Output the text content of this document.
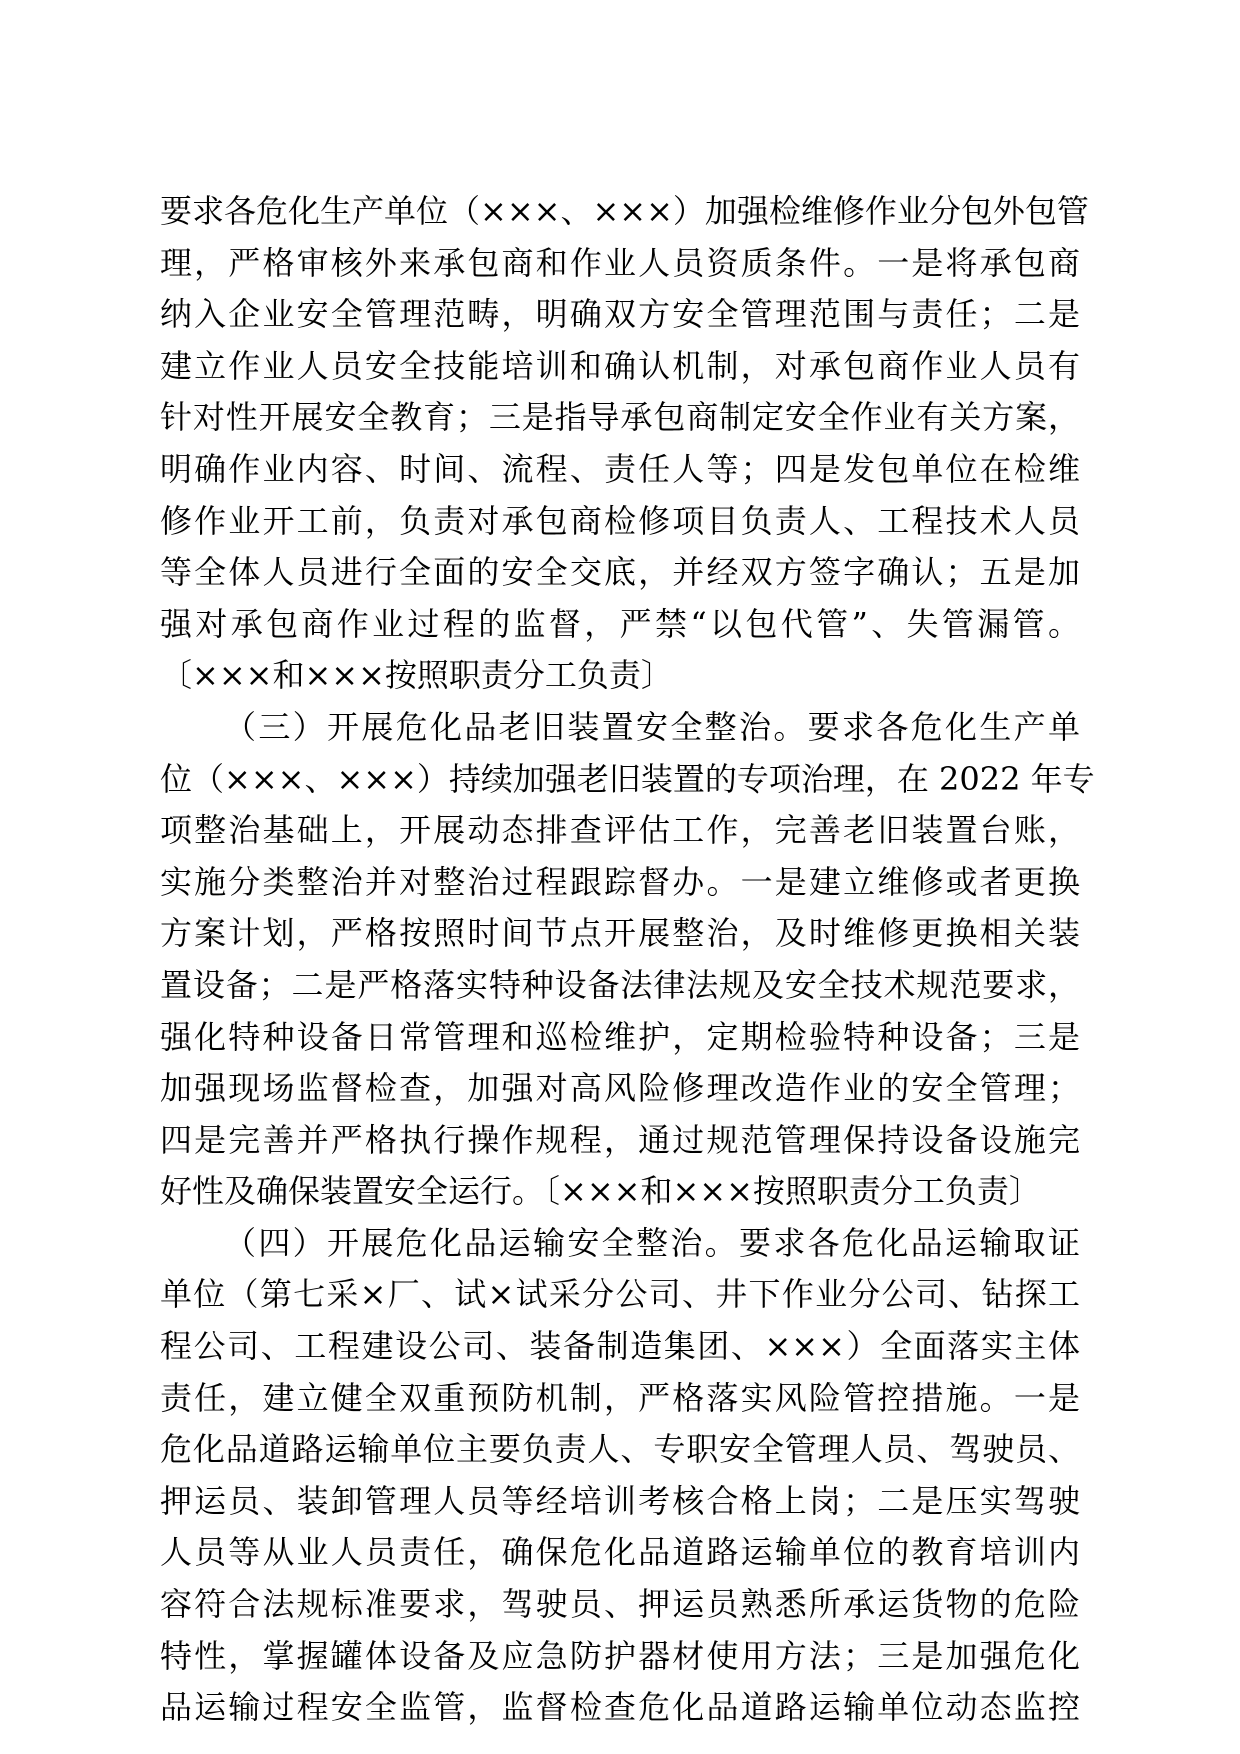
要求各危化生产单位（×××、×××）加强检维修作业分包外包管
理，严格审核外来承包商和作业人员资质条件。一是将承包商
纳入企业安全管理范畴，明确双方安全管理范围与责任；二是
建立作业人员安全技能培训和确认机制，对承包商作业人员有
针对性开展安全教育；三是指导承包商制定安全作业有关方案，
明确作业内容、时间、流程、责任人等；四是发包单位在检维
修作业开工前，负责对承包商检修项目负责人、工程技术人员
等全体人员进行全面的安全交底，并经双方签字确认；五是加
强对承包商作业过程的监督，严禁“以包代管”、失管漏管。
〔×××和×××按照职责分工负责〕
（三）开展危化品老旧装置安全整治。要求各危化生产单
位（×××、×××）持续加强老旧装置的专项治理，在 2022 年专
项整治基础上，开展动态排查评估工作，完善老旧装置台账，
实施分类整治并对整治过程跟踪督办。一是建立维修或者更换
方案计划，严格按照时间节点开展整治，及时维修更换相关装
置设备；二是严格落实特种设备法律法规及安全技术规范要求，
强化特种设备日常管理和巡检维护，定期检验特种设备；三是
加强现场监督检查，加强对高风险修理改造作业的安全管理；
四是完善并严格执行操作规程，通过规范管理保持设备设施完
好性及确保装置安全运行。〔×××和×××按照职责分工负责〕
（四）开展危化品运输安全整治。要求各危化品运输取证
单位（第七采×厂、试×试采分公司、井下作业分公司、钻探工
程公司、工程建设公司、装备制造集团、×××）全面落实主体
责任，建立健全双重预防机制，严格落实风险管控措施。一是
危化品道路运输单位主要负责人、专职安全管理人员、驾驶员、
押运员、装卸管理人员等经培训考核合格上岗；二是压实驾驶
人员等从业人员责任，确保危化品道路运输单位的教育培训内
容符合法规标准要求，驾驶员、押运员熟悉所承运货物的危险
特性，掌握罐体设备及应急防护器材使用方法；三是加强危化
品运输过程安全监管，监督检查危化品道路运输单位动态监控
